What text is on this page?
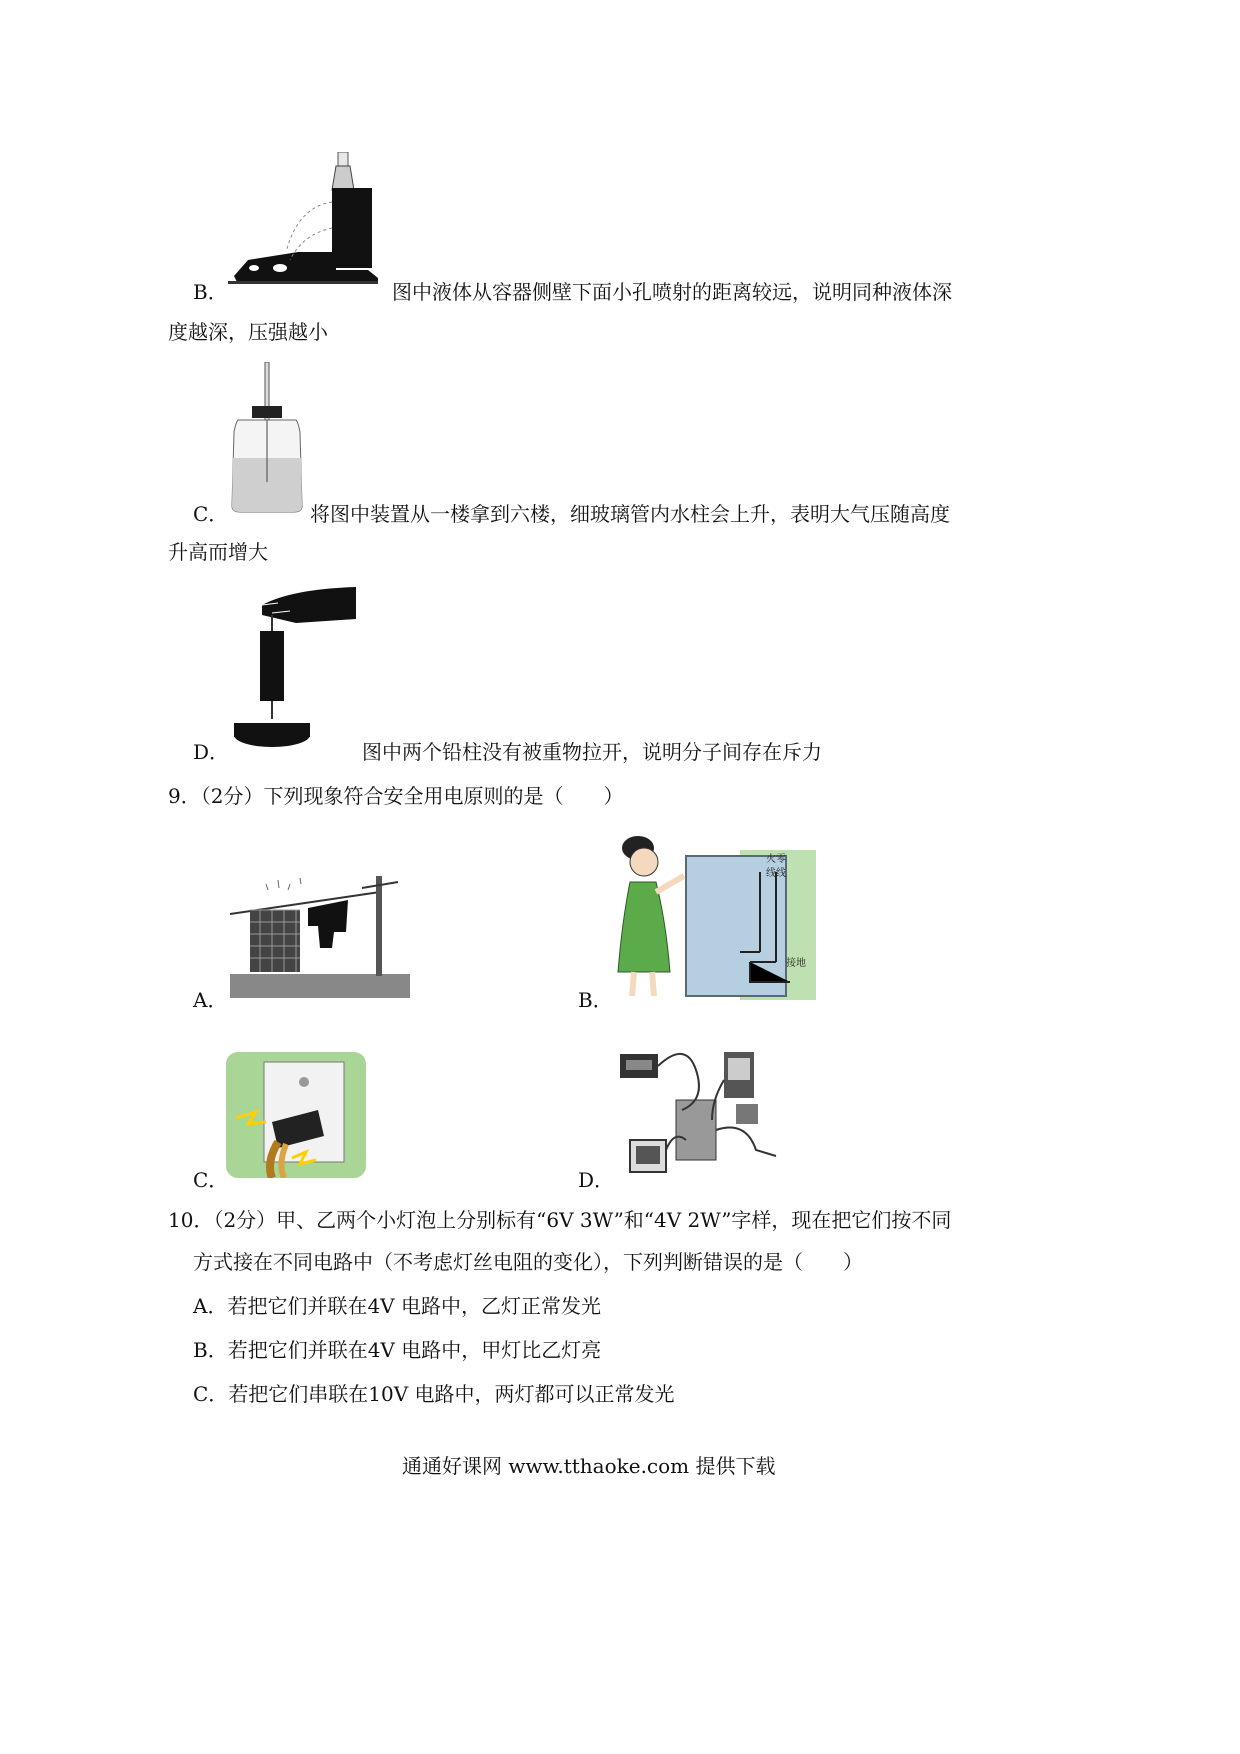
B．	图中液体从容器侧壁下面小孔喷射的距离较远，说明同种液体深
度越深，压强越小
C．	将图中装置从一楼拿到六楼，细玻璃管内水柱会上升，表明大气压随高度
升高而增大
D．	图中两个铅柱没有被重物拉开，说明分子间存在斥力
9．（2分）下列现象符合安全用电原则的是（　　）
A．
火零
线线
接地
B．
C．	D．
10．（2分）甲、乙两个小灯泡上分别标有“6V 3W”和“4V 2W”字样，现在把它们按不同
方式接在不同电路中（不考虑灯丝电阻的变化），下列判断错误的是（　　）
A．若把它们并联在4V 电路中，乙灯正常发光
B．若把它们并联在4V 电路中，甲灯比乙灯亮
C．若把它们串联在10V 电路中，两灯都可以正常发光
通通好课网 www.tthaoke.com 提供下载
